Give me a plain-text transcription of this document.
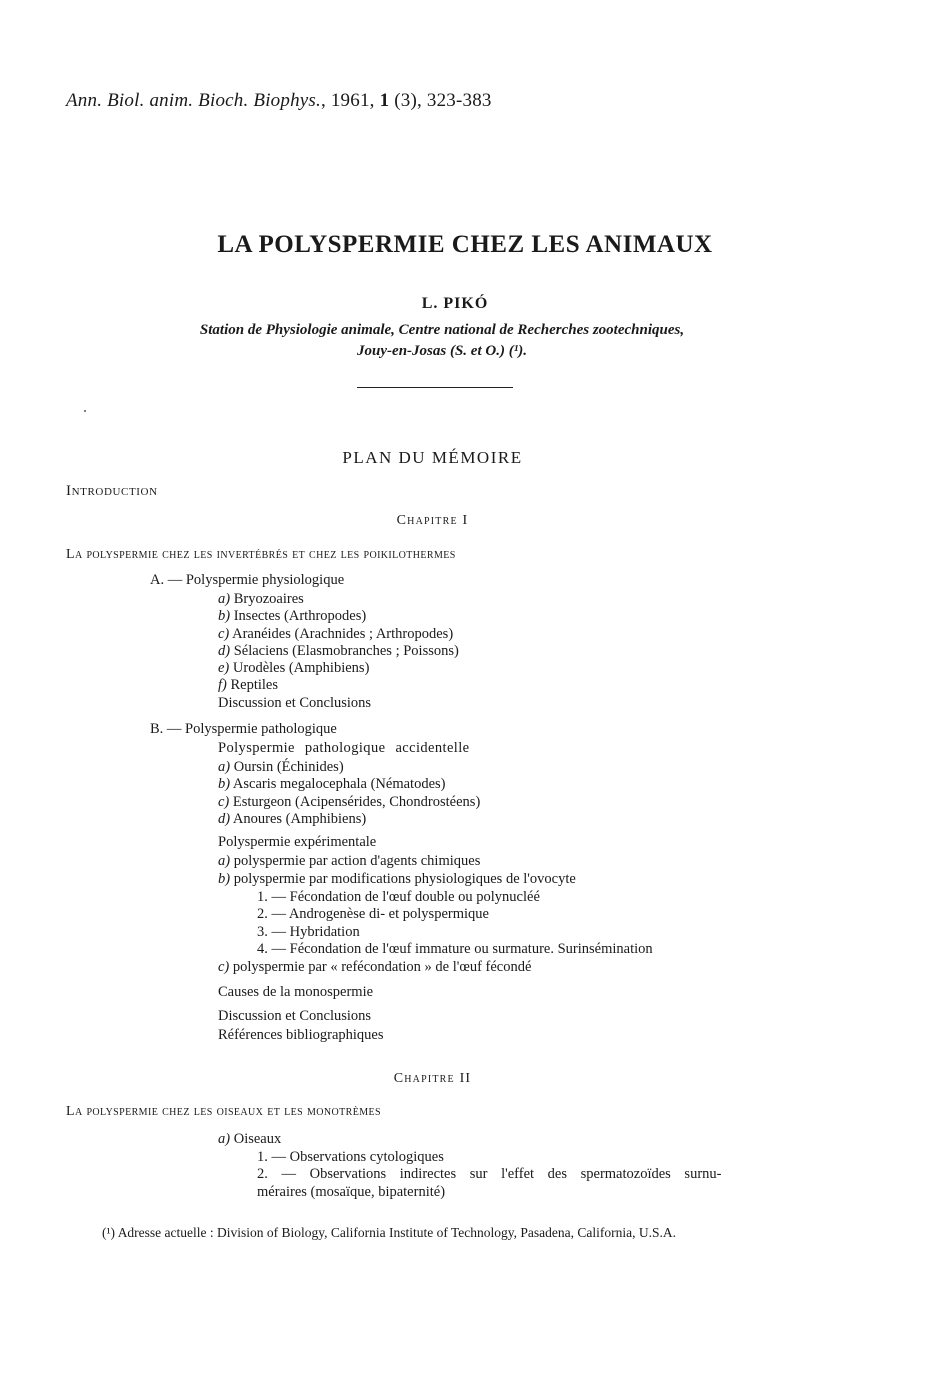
Ann. Biol. anim. Bioch. Biophys., 1961, 1 (3), 323-383
LA POLYSPERMIE CHEZ LES ANIMAUX
L. PIKÓ
Station de Physiologie animale, Centre national de Recherches zootechniques,
Jouy-en-Josas (S. et O.) (¹).
PLAN DU MÉMOIRE
Introduction
Chapitre I
La polyspermie chez les invertébrés et chez les poikilothermes
A. — Polyspermie physiologique
a) Bryozoaires
b) Insectes (Arthropodes)
c) Aranéides (Arachnides ; Arthropodes)
d) Sélaciens (Elasmobranches ; Poissons)
e) Urodèles (Amphibiens)
f) Reptiles
Discussion et Conclusions
B. — Polyspermie pathologique
Polyspermie pathologique accidentelle
a) Oursin (Échinides)
b) Ascaris megalocephala (Nématodes)
c) Esturgeon (Acipensérides, Chondrostéens)
d) Anoures (Amphibiens)
Polyspermie expérimentale
a) polyspermie par action d'agents chimiques
b) polyspermie par modifications physiologiques de l'ovocyte
1. — Fécondation de l'œuf double ou polynucléé
2. — Androgenèse di- et polyspermique
3. — Hybridation
4. — Fécondation de l'œuf immature ou surmature. Surinsémination
c) polyspermie par « refécondation » de l'œuf fécondé
Causes de la monospermie
Discussion et Conclusions
Références bibliographiques
Chapitre II
La polyspermie chez les oiseaux et les monotrèmes
a) Oiseaux
1. — Observations cytologiques
2. — Observations indirectes sur l'effet des spermatozoïdes surnu-
méraires (mosaïque, bipaternité)
(¹) Adresse actuelle : Division of Biology, California Institute of Technology, Pasadena, California, U.S.A.
